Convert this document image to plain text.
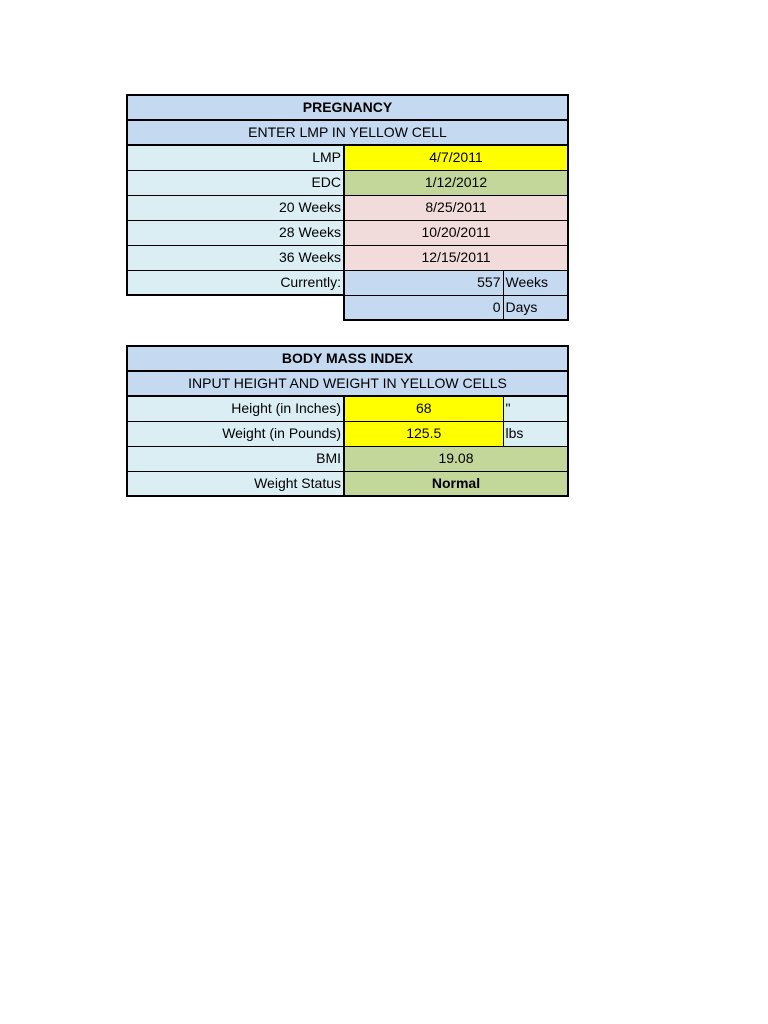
PREGNANCY		
ENTER LMP IN YELLOW CELL		
LMP	4/7/2011	
EDC	1/12/2012	
20 Weeks	8/25/2011	
28 Weeks	10/20/2011	
36 Weeks	12/15/2011	
Currently:	557	Weeks
	0	Days
BODY MASS INDEX		
INPUT HEIGHT AND WEIGHT IN YELLOW CELLS		
Height (in Inches)	68	"
Weight (in Pounds)	125.5	lbs
BMI	19.08	
Weight Status	Normal	
